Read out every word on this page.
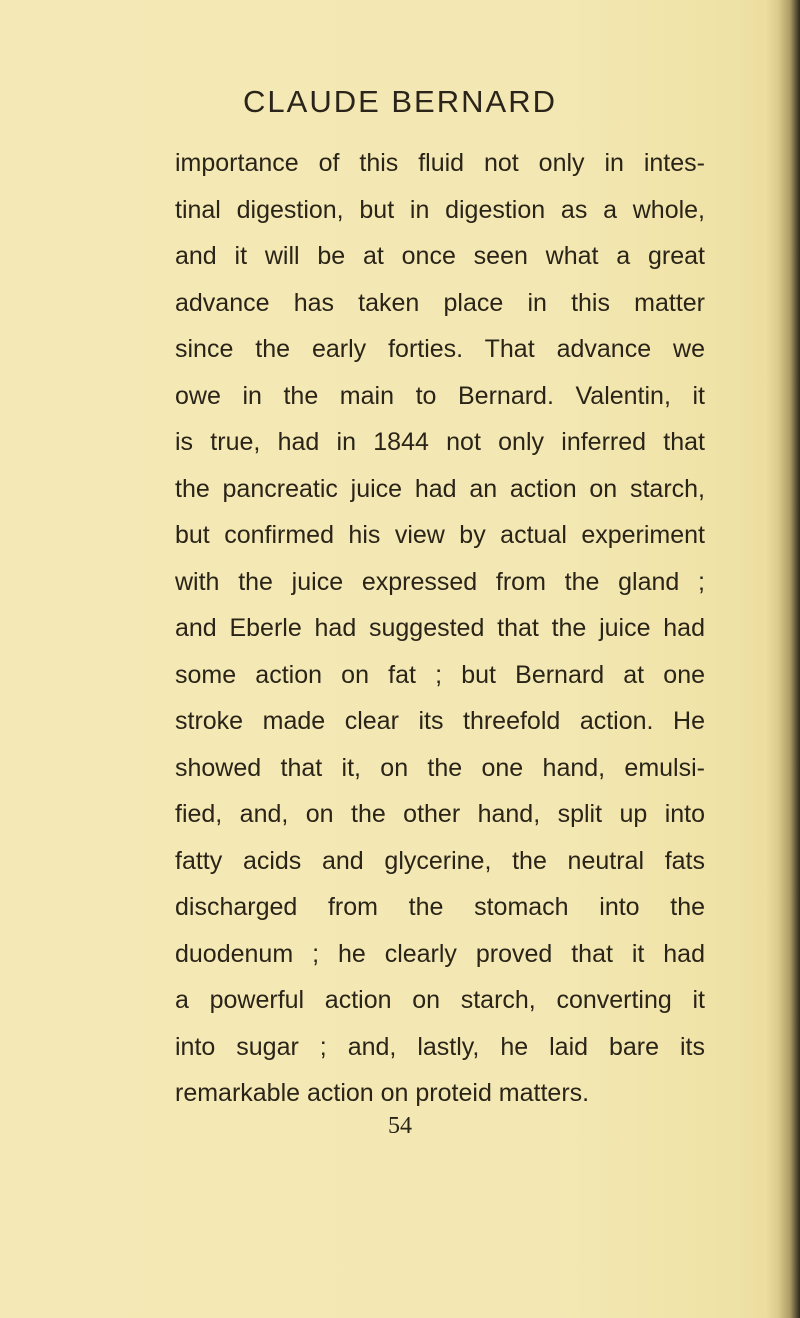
CLAUDE BERNARD
importance of this fluid not only in intes-
tinal digestion, but in digestion as a whole,
and it will be at once seen what a great
advance has taken place in this matter
since the early forties. That advance we
owe in the main to Bernard. Valentin, it
is true, had in 1844 not only inferred that
the pancreatic juice had an action on starch,
but confirmed his view by actual experiment
with the juice expressed from the gland ;
and Eberle had suggested that the juice had
some action on fat ; but Bernard at one
stroke made clear its threefold action. He
showed that it, on the one hand, emulsi-
fied, and, on the other hand, split up into
fatty acids and glycerine, the neutral fats
discharged from the stomach into the
duodenum ; he clearly proved that it had
a powerful action on starch, converting it
into sugar ; and, lastly, he laid bare its
remarkable action on proteid matters.
54
